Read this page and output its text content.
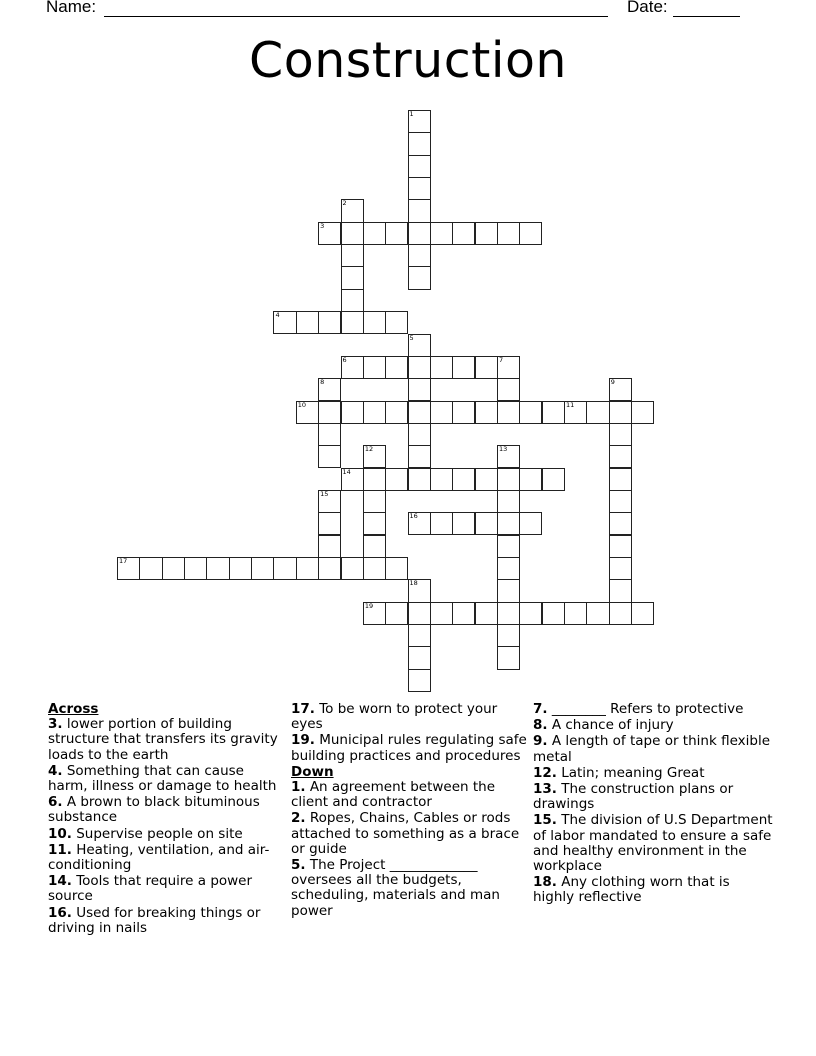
Name:	Date:
Construction
1
2
3
4
5
6	7
8	9
10	11
12	13
14
15
16
17
18
19
Across
3. lower portion of building structure that transfers its gravity loads to the earth
4. Something that can cause harm, illness or damage to health
6. A brown to black bituminous substance
10. Supervise people on site
11. Heating, ventilation, and air-conditioning
14. Tools that require a power source
16. Used for breaking things or driving in nails
17. To be worn to protect your eyes
19. Municipal rules regulating safe building practices and procedures
Down
1. An agreement between the client and contractor
2. Ropes, Chains, Cables or rods attached to something as a brace or guide
5. The Project _____________ oversees all the budgets, scheduling, materials and man power
7. ________ Refers to protective
8. A chance of injury
9. A length of tape or think flexible metal
12. Latin; meaning Great
13. The construction plans or drawings
15. The division of U.S Department of labor mandated to ensure a safe and healthy environment in the workplace
18. Any clothing worn that is highly reflective
